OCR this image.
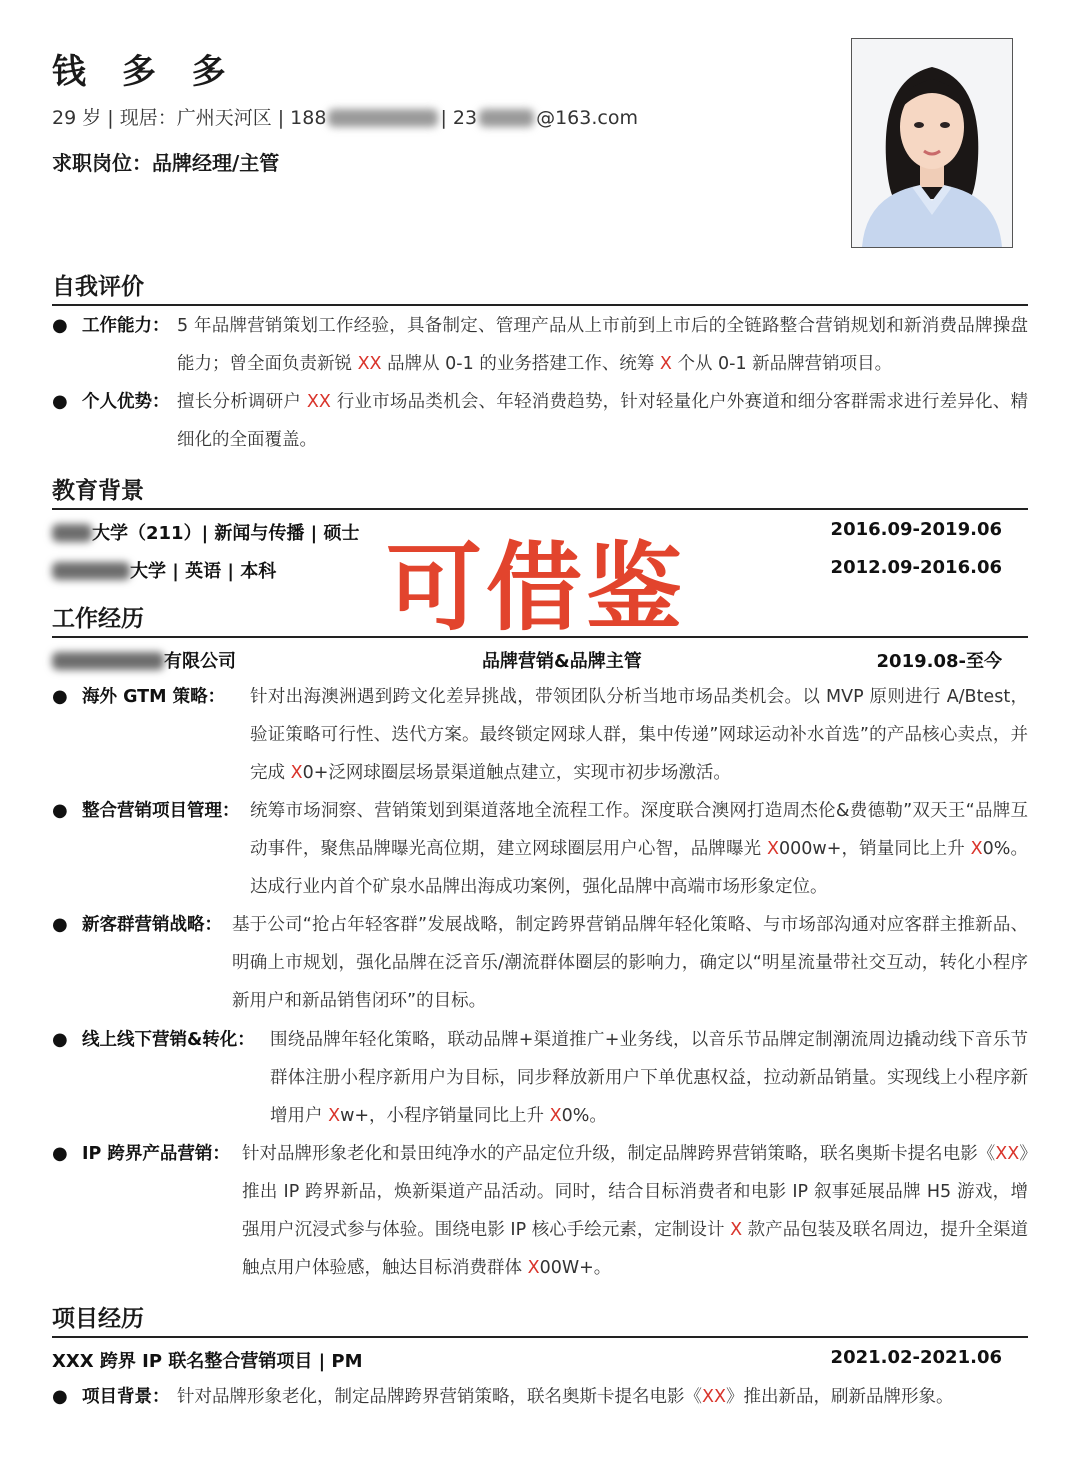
钱 多 多
29 岁 | 现居：广州天河区 | 188	| 23	@163.com
求职岗位：品牌经理/主管
自我评价
● 工作能力： 5 年品牌营销策划工作经验，具备制定、管理产品从上市前到上市后的全链路整合营销规划和新消费品牌操盘能力；曾全面负责新锐 XX 品牌从 0-1 的业务搭建工作、统筹 X 个从 0-1 新品牌营销项目。
● 个人优势： 擅长分析调研户 XX 行业市场品类机会、年轻消费趋势，针对轻量化户外赛道和细分客群需求进行差异化、精细化的全面覆盖。
教育背景
大学（211）| 新闻与传播 | 硕士	2016.09-2019.06
大学 | 英语 | 本科	2012.09-2016.06
可借鉴
工作经历
有限公司	品牌营销&品牌主管	2019.08-至今
● 海外 GTM 策略：	针对出海澳洲遇到跨文化差异挑战，带领团队分析当地市场品类机会。以 MVP 原则进行 A/Btest，验证策略可行性、迭代方案。最终锁定网球人群，集中传递”网球运动补水首选”的产品核心卖点，并完成 X0+泛网球圈层场景渠道触点建立，实现市初步场激活。
● 整合营销项目管理： 统筹市场洞察、营销策划到渠道落地全流程工作。深度联合澳网打造周杰伦&费德勒”双天王“品牌互动事件，聚焦品牌曝光高位期，建立网球圈层用户心智，品牌曝光 X000w+，销量同比上升 X0%。达成行业内首个矿泉水品牌出海成功案例，强化品牌中高端市场形象定位。
● 新客群营销战略： 基于公司“抢占年轻客群”发展战略，制定跨界营销品牌年轻化策略、与市场部沟通对应客群主推新品、明确上市规划，强化品牌在泛音乐/潮流群体圈层的影响力，确定以“明星流量带社交互动，转化小程序新用户和新品销售闭环”的目标。
● 线上线下营销&转化： 围绕品牌年轻化策略，联动品牌+渠道推广+业务线，以音乐节品牌定制潮流周边撬动线下音乐节群体注册小程序新用户为目标，同步释放新用户下单优惠权益，拉动新品销量。实现线上小程序新增用户 Xw+，小程序销量同比上升 X0%。
● IP 跨界产品营销： 针对品牌形象老化和景田纯净水的产品定位升级，制定品牌跨界营销策略，联名奥斯卡提名电影《XX》推出 IP 跨界新品，焕新渠道产品活动。同时，结合目标消费者和电影 IP 叙事延展品牌 H5 游戏，增强用户沉浸式参与体验。围绕电影 IP 核心手绘元素，定制设计 X 款产品包装及联名周边，提升全渠道触点用户体验感，触达目标消费群体 X00W+。
项目经历
XXX 跨界 IP 联名整合营销项目 | PM	2021.02-2021.06
● 项目背景： 针对品牌形象老化，制定品牌跨界营销策略，联名奥斯卡提名电影《XX》推出新品，刷新品牌形象。
